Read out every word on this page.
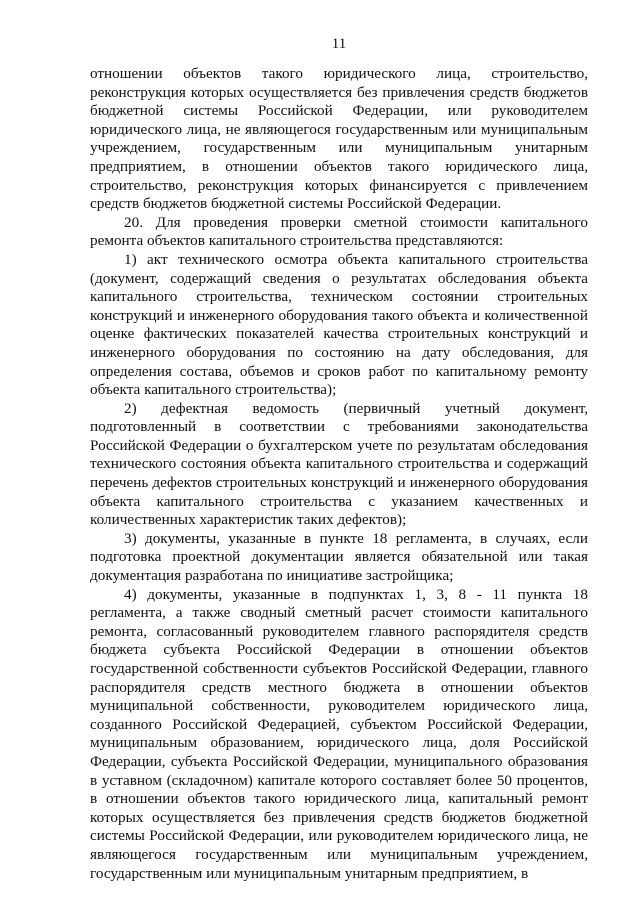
11

отношении объектов такого юридического лица, строительство, реконструкция которых осуществляется без привлечения средств бюджетов бюджетной системы Российской Федерации, или руководителем юридического лица, не являющегося государственным или муниципальным учреждением, государственным или муниципальным унитарным предприятием, в отношении объектов такого юридического лица, строительство, реконструкция которых финансируется с привлечением средств бюджетов бюджетной системы Российской Федерации.

20. Для проведения проверки сметной стоимости капитального ремонта объектов капитального строительства представляются:

1) акт технического осмотра объекта капитального строительства (документ, содержащий сведения о результатах обследования объекта капитального строительства, техническом состоянии строительных конструкций и инженерного оборудования такого объекта и количественной оценке фактических показателей качества строительных конструкций и инженерного оборудования по состоянию на дату обследования, для определения состава, объемов и сроков работ по капитальному ремонту объекта капитального строительства);

2) дефектная ведомость (первичный учетный документ, подготовленный в соответствии с требованиями законодательства Российской Федерации о бухгалтерском учете по результатам обследования технического состояния объекта капитального строительства и содержащий перечень дефектов строительных конструкций и инженерного оборудования объекта капитального строительства с указанием качественных и количественных характеристик таких дефектов);

3) документы, указанные в пункте 18 регламента, в случаях, если подготовка проектной документации является обязательной или такая документация разработана по инициативе застройщика;

4) документы, указанные в подпунктах 1, 3, 8 - 11 пункта 18 регламента, а также сводный сметный расчет стоимости капитального ремонта, согласованный руководителем главного распорядителя средств бюджета субъекта Российской Федерации в отношении объектов государственной собственности субъектов Российской Федерации, главного распорядителя средств местного бюджета в отношении объектов муниципальной собственности, руководителем юридического лица, созданного Российской Федерацией, субъектом Российской Федерации, муниципальным образованием, юридического лица, доля Российской Федерации, субъекта Российской Федерации, муниципального образования в уставном (складочном) капитале которого составляет более 50 процентов, в отношении объектов такого юридического лица, капитальный ремонт которых осуществляется без привлечения средств бюджетов бюджетной системы Российской Федерации, или руководителем юридического лица, не являющегося государственным или муниципальным учреждением, государственным или муниципальным унитарным предприятием, в
